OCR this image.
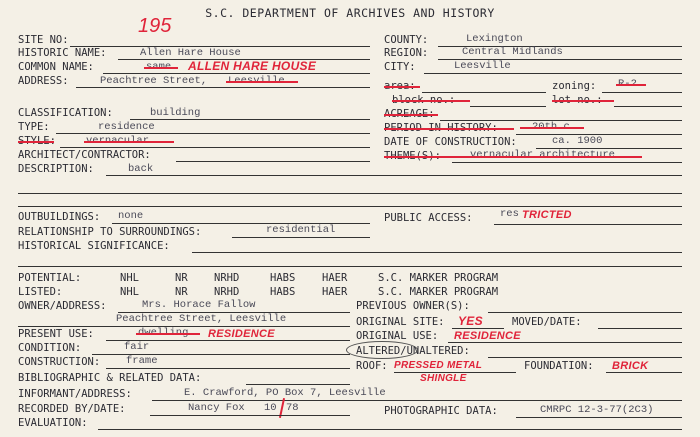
S.C. DEPARTMENT OF ARCHIVES AND HISTORY
SITE NO:
195
HISTORIC NAME:	Allen Hare House
COMMON NAME:	same ALLEN HARE HOUSE
ADDRESS:	Peachtree Street, Leesville
CLASSIFICATION:	building
TYPE:	residence
STYLE:	vernacular
ARCHITECT/CONTRACTOR:
DESCRIPTION:	back
COUNTY:	Lexington
REGION:	Central Midlands
CITY:	Leesville
area:	zoning: R-2
block no.:	lot no.:
ACREAGE:
PERIOD IN HISTORY:	20th c.
DATE OF CONSTRUCTION:	ca. 1900
THEME(S):	vernacular architecture
OUTBUILDINGS: none	PUBLIC ACCESS:	res TRICTED
RELATIONSHIP TO SURROUNDINGS:	residential
HISTORICAL SIGNIFICANCE:
POTENTIAL:	NHL	NR	NRHD	HABS	HAER	S.C. MARKER PROGRAM
LISTED:	NHL	NR	NRHD	HABS	HAER	S.C. MARKER PROGRAM
OWNER/ADDRESS:	Mrs. Horace Fallow
Peachtree Street, Leesville
PREVIOUS OWNER(S):
ORIGINAL SITE: YES	MOVED/DATE:
PRESENT USE:	dwelling RESIDENCE	ORIGINAL USE: RESIDENCE
CONDITION:	fair	ALTERED/UNALTERED:
CONSTRUCTION: frame	ROOF: PRESSED METAL
SHINGLE
FOUNDATION: BRICK
BIBLIOGRAPHIC & RELATED DATA:
INFORMANT/ADDRESS:	E. Crawford, PO Box 7, Leesville
RECORDED BY/DATE:	Nancy Fox 10 78	PHOTOGRAPHIC DATA:	CMRPC 12-3-77(2C3)
EVALUATION:
